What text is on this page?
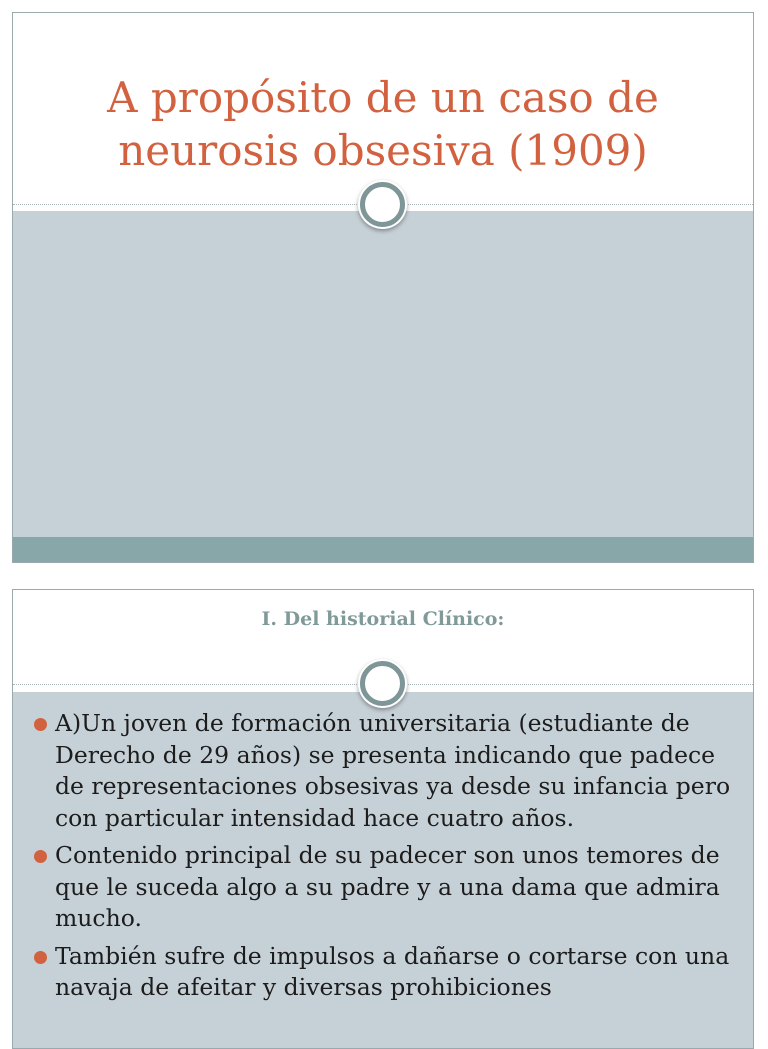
A propósito de un caso de
neurosis obsesiva (1909)
I. Del historial Clínico:
A)Un joven de formación universitaria (estudiante de Derecho de 29 años) se presenta indicando que padece de representaciones obsesivas ya desde su infancia pero con particular intensidad hace cuatro años.
Contenido principal de su padecer son unos temores de que le suceda algo a su padre y a una dama que admira mucho.
También sufre de impulsos a dañarse o cortarse con una navaja de afeitar y diversas prohibiciones
